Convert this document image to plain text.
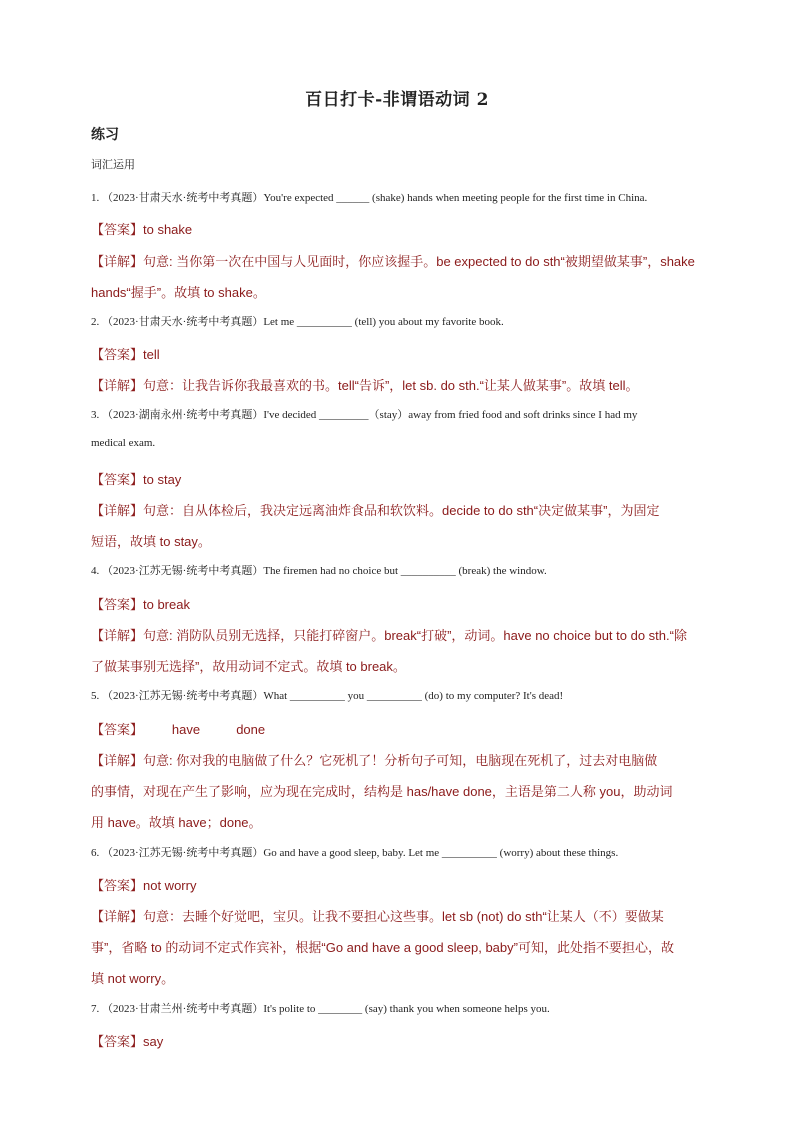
百日打卡-非谓语动词 2
练习
词汇运用
1. （2023·甘肃天水·统考中考真题）You're expected ______ (shake) hands when meeting people for the first time in China.
【答案】to shake
【详解】句意: 当你第一次在中国与人见面时，你应该握手。be expected to do sth“被期望做某事”，shake
hands“握手”。故填 to shake。
2. （2023·甘肃天水·统考中考真题）Let me __________ (tell) you about my favorite book.
【答案】tell
【详解】句意：让我告诉你我最喜欢的书。tell“告诉”，let sb. do sth.“让某人做某事”。故填 tell。
3. （2023·湖南永州·统考中考真题）I've decided _________（stay）away from fried food and soft drinks since I had my
medical exam.
【答案】to stay
【详解】句意：自从体检后，我决定远离油炸食品和软饮料。decide to do sth“决定做某事”，为固定
短语，故填 to stay。
4. （2023·江苏无锡·统考中考真题）The firemen had no choice but __________ (break) the window.
【答案】to break
【详解】句意: 消防队员别无选择，只能打碎窗户。break“打破”，动词。have no choice but to do sth.“除
了做某事别无选择”，故用动词不定式。故填 to break。
5. （2023·江苏无锡·统考中考真题）What __________ you __________ (do) to my computer? It's dead!
【答案】        have          done
【详解】句意: 你对我的电脑做了什么？它死机了！分析句子可知，电脑现在死机了，过去对电脑做
的事情，对现在产生了影响，应为现在完成时，结构是 has/have done，主语是第二人称 you，助动词
用 have。故填 have；done。
6. （2023·江苏无锡·统考中考真题）Go and have a good sleep, baby. Let me __________ (worry) about these things.
【答案】not worry
【详解】句意：去睡个好觉吧，宝贝。让我不要担心这些事。let sb (not) do sth“让某人（不）要做某
事”，省略 to 的动词不定式作宾补，根据“Go and have a good sleep, baby”可知，此处指不要担心，故
填 not worry。
7. （2023·甘肃兰州·统考中考真题）It's polite to ________ (say) thank you when someone helps you.
【答案】say
